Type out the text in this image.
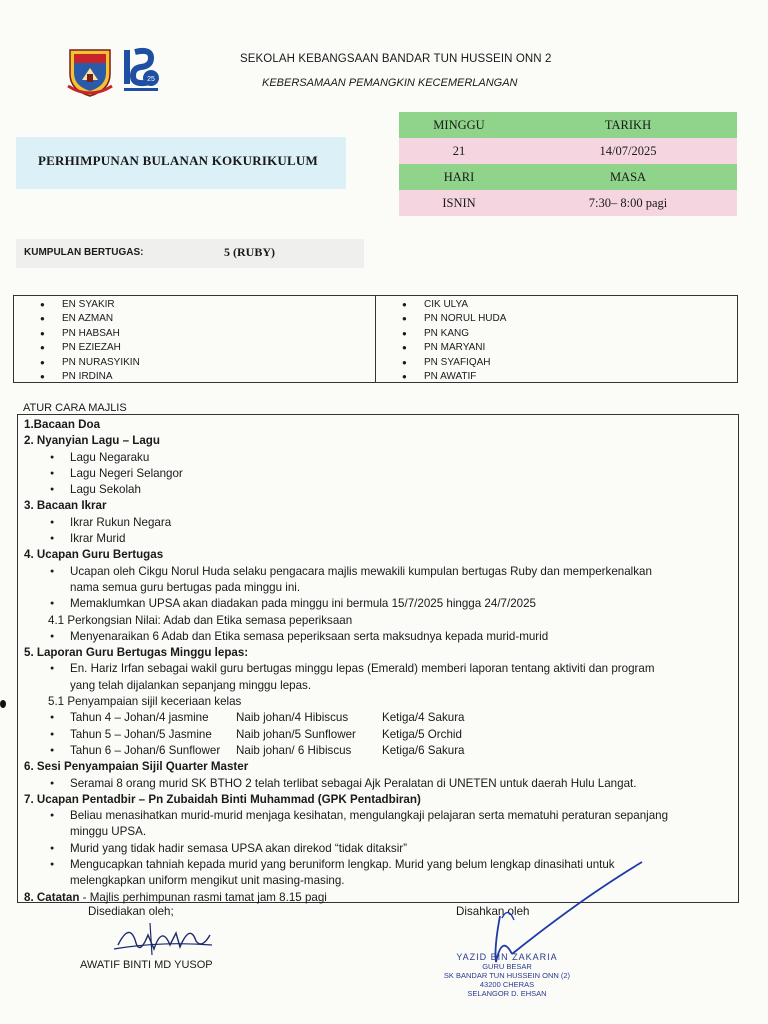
25
SEKOLAH KEBANGSAAN BANDAR TUN HUSSEIN ONN 2
KEBERSAMAAN PEMANGKIN KECEMERLANGAN
PERHIMPUNAN BULANAN KOKURIKULUM
MINGGU	TARIKH
21	14/07/2025
HARI	MASA
ISNIN	7:30– 8:00 pagi
KUMPULAN BERTUGAS:	5 (RUBY)
● EN SYAKIR
● EN AZMAN
● PN HABSAH
● PN EZIEZAH
● PN NURASYIKIN
● PN IRDINA
● CIK ULYA
● PN NORUL HUDA
● PN KANG
● PN MARYANI
● PN SYAFIQAH
● PN AWATIF
ATUR CARA MAJLIS
1.Bacaan Doa
2. Nyanyian Lagu – Lagu
● Lagu Negaraku
● Lagu Negeri Selangor
● Lagu Sekolah
3. Bacaan Ikrar
● Ikrar Rukun Negara
● Ikrar Murid
4. Ucapan Guru Bertugas
● Ucapan oleh Cikgu Norul Huda selaku pengacara majlis mewakili kumpulan bertugas Ruby dan memperkenalkan
nama semua guru bertugas pada minggu ini.
● Memaklumkan UPSA akan diadakan pada minggu ini bermula 15/7/2025 hingga 24/7/2025
4.1 Perkongsian Nilai: Adab dan Etika semasa peperiksaan
● Menyenaraikan 6 Adab dan Etika semasa peperiksaan serta maksudnya kepada murid-murid
5. Laporan Guru Bertugas Minggu lepas:
● En. Hariz Irfan sebagai wakil guru bertugas minggu lepas (Emerald) memberi laporan tentang aktiviti dan program
yang telah dijalankan sepanjang minggu lepas.
5.1 Penyampaian sijil keceriaan kelas
● Tahun 4 – Johan/4 jasmine Naib johan/4 Hibiscus	Ketiga/4 Sakura
● Tahun 5 – Johan/5 Jasmine Naib johan/5 Sunflower Ketiga/5 Orchid
● Tahun 6 – Johan/6 Sunflower Naib johan/ 6 Hibiscus	Ketiga/6 Sakura
6. Sesi Penyampaian Sijil Quarter Master
● Seramai 8 orang murid SK BTHO 2 telah terlibat sebagai Ajk Peralatan di UNETEN untuk daerah Hulu Langat.
7. Ucapan Pentadbir – Pn Zubaidah Binti Muhammad (GPK Pentadbiran)
● Beliau menasihatkan murid-murid menjaga kesihatan, mengulangkaji pelajaran serta mematuhi peraturan sepanjang
minggu UPSA.
● Murid yang tidak hadir semasa UPSA akan direkod “tidak ditaksir”
● Mengucapkan tahniah kepada murid yang beruniform lengkap. Murid yang belum lengkap dinasihati untuk
melengkapkan uniform mengikut unit masing-masing.
8. Catatan - Majlis perhimpunan rasmi tamat jam 8.15 pagi
Disediakan oleh;
AWATIF BINTI MD YUSOP
Disahkan oleh
YAZID BIN ZAKARIA
GURU BESAR
SK BANDAR TUN HUSSEIN ONN (2)
43200 CHERAS
SELANGOR D. EHSAN
